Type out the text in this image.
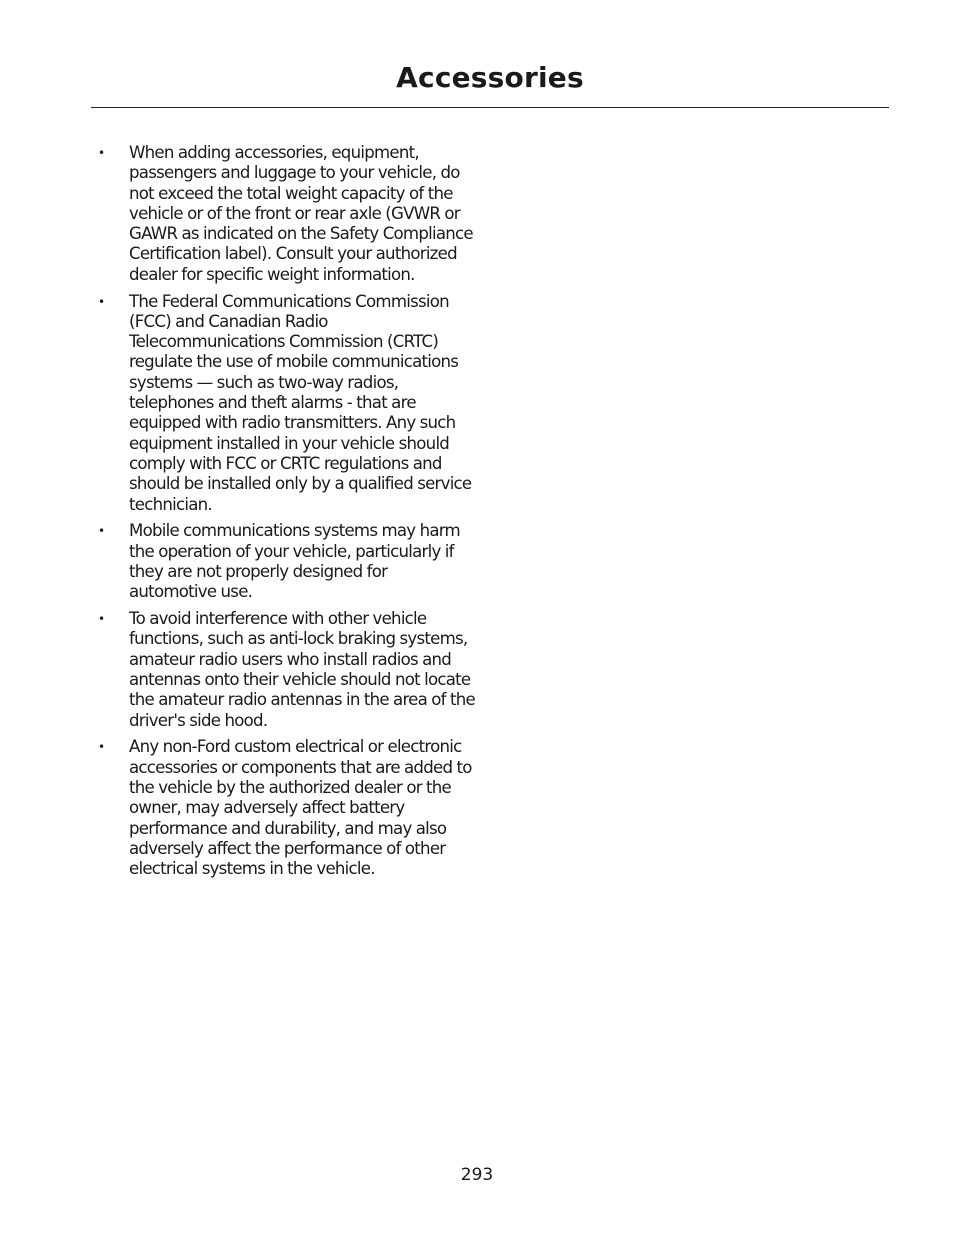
Accessories
• When adding accessories, equipment, passengers and luggage to your vehicle, do not exceed the total weight capacity of the vehicle or of the front or rear axle (GVWR or GAWR as indicated on the Safety Compliance Certification label). Consult your authorized dealer for specific weight information.
• The Federal Communications Commission (FCC) and Canadian Radio Telecommunications Commission (CRTC) regulate the use of mobile communications systems — such as two-way radios, telephones and theft alarms - that are equipped with radio transmitters. Any such equipment installed in your vehicle should comply with FCC or CRTC regulations and should be installed only by a qualified service technician.
• Mobile communications systems may harm the operation of your vehicle, particularly if they are not properly designed for automotive use.
• To avoid interference with other vehicle functions, such as anti-lock braking systems, amateur radio users who install radios and antennas onto their vehicle should not locate the amateur radio antennas in the area of the driver's side hood.
• Any non-Ford custom electrical or electronic accessories or components that are added to the vehicle by the authorized dealer or the owner, may adversely affect battery performance and durability, and may also adversely affect the performance of other electrical systems in the vehicle.
293
